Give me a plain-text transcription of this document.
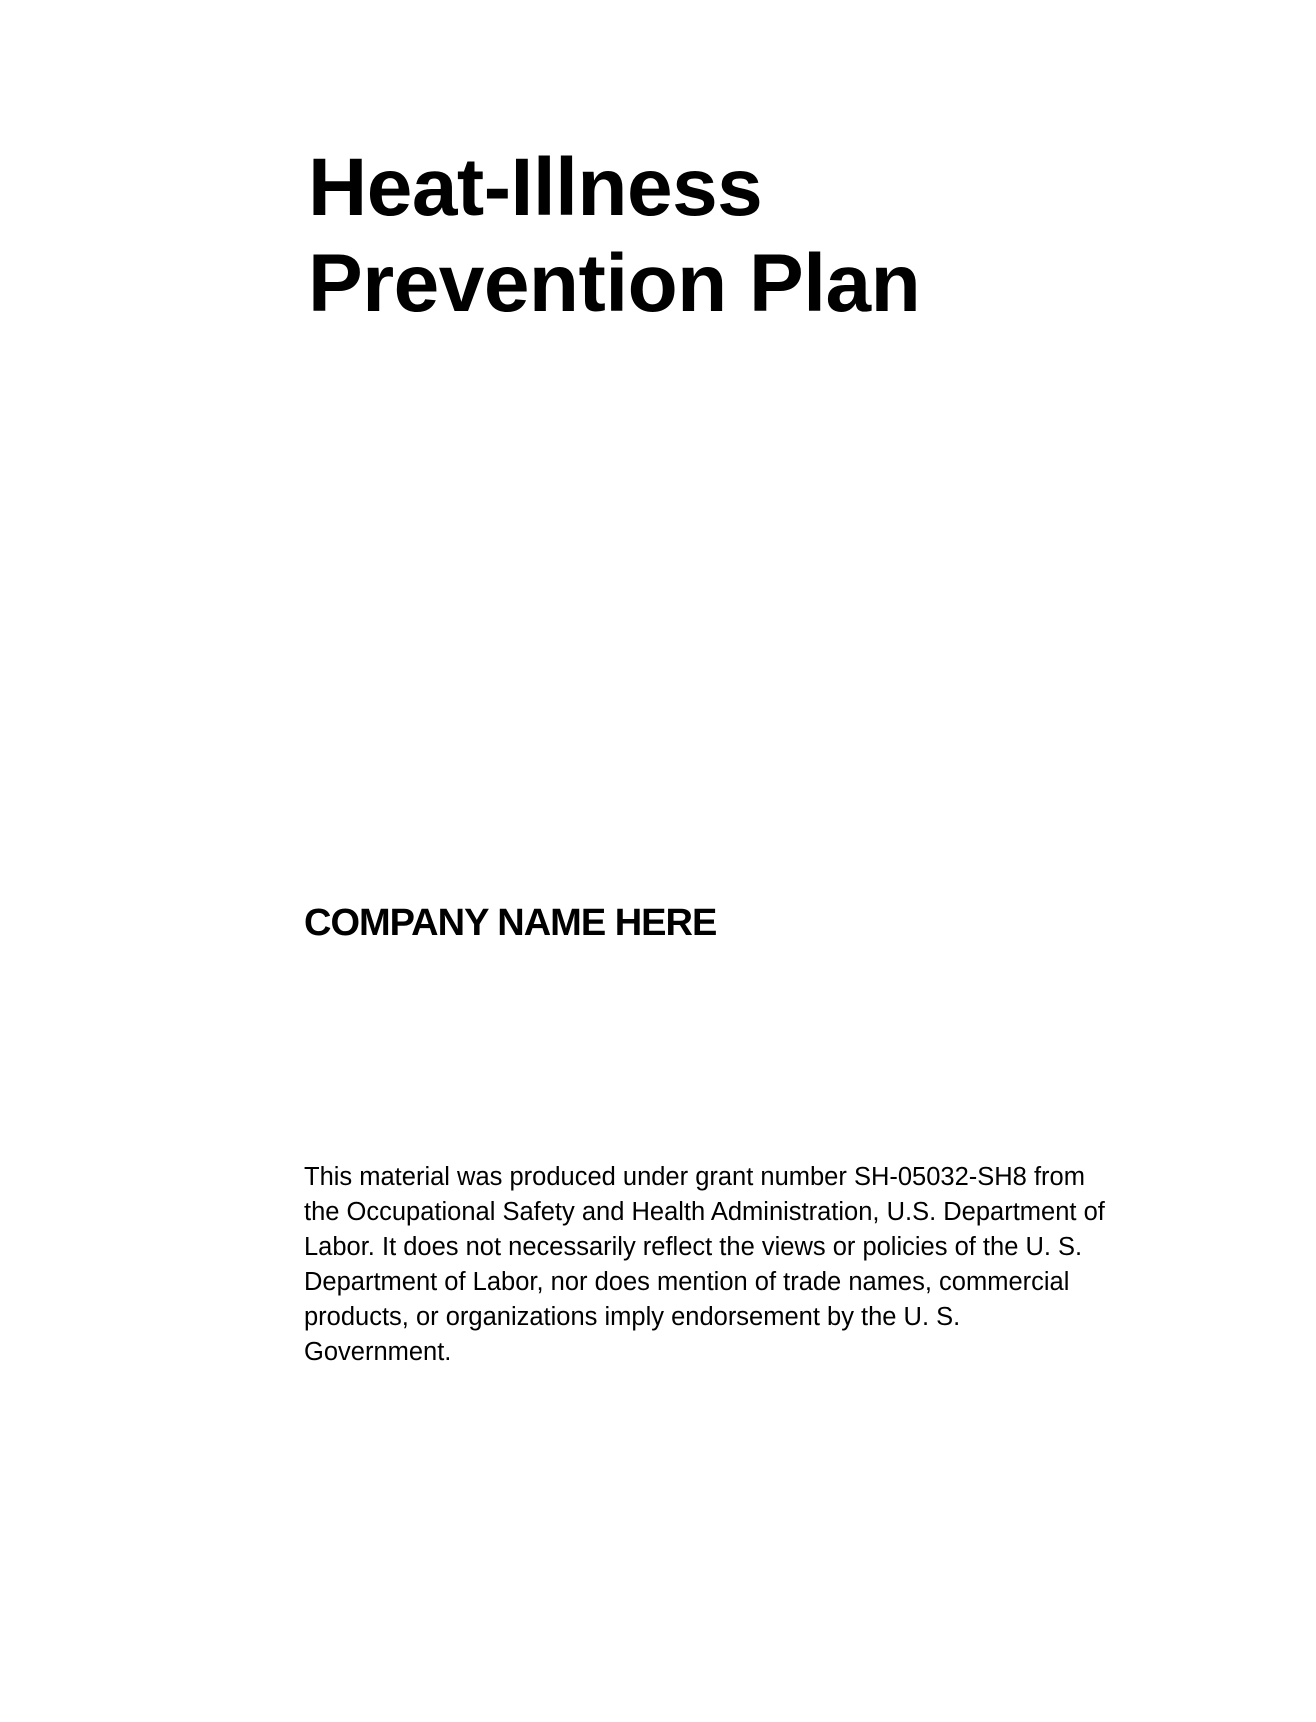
Heat-Illness
Prevention Plan
COMPANY NAME HERE

This material was produced under grant number SH-05032-SH8 from
the Occupational Safety and Health Administration, U.S. Department of
Labor. It does not necessarily reflect the views or policies of the U. S.
Department of Labor, nor does mention of trade names, commercial
products, or organizations imply endorsement by the U. S.
Government.
